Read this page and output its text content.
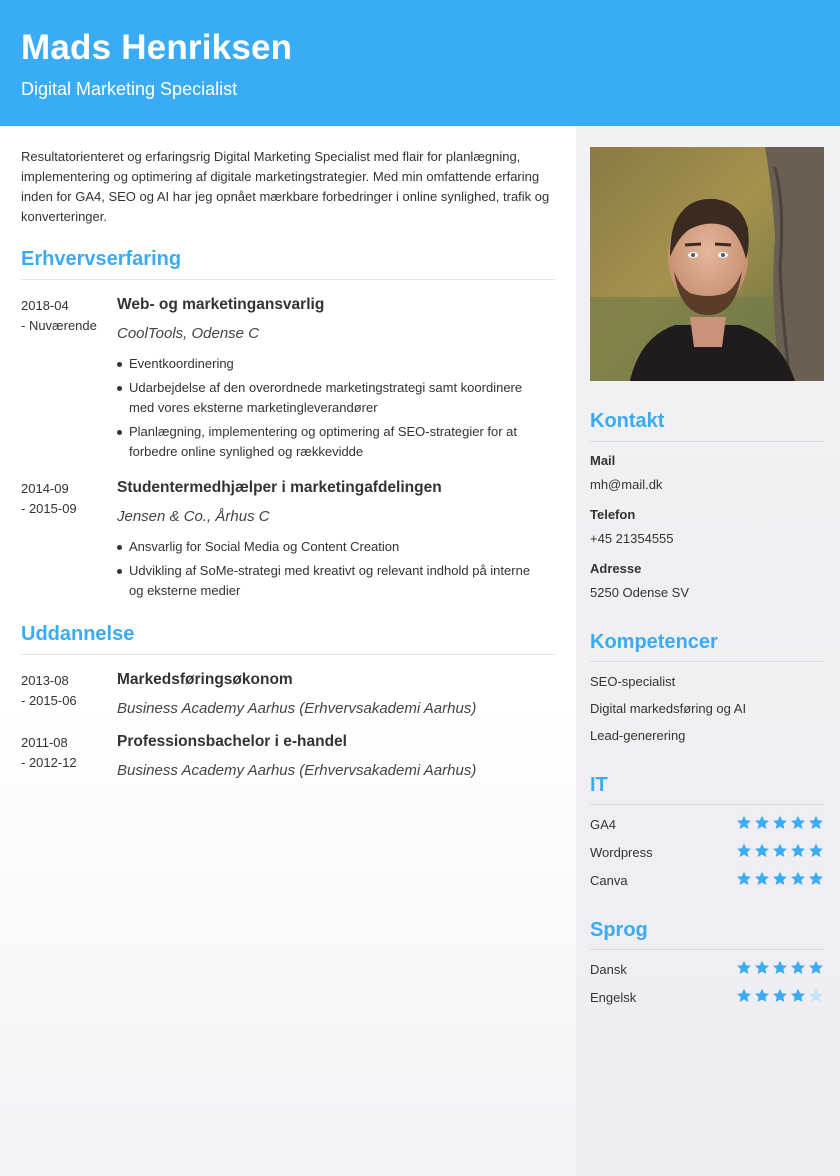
Mads Henriksen
Digital Marketing Specialist
Kontakt
Mail
mh@mail.dk
Telefon
+45 21354555
Adresse
5250 Odense SV
Kompetencer
SEO-specialist
Digital markedsføring og AI
Lead-generering
IT
GA4
Wordpress
Canva
Sprog
Dansk
Engelsk
Resultatorienteret og erfaringsrig Digital Marketing Specialist med flair for planlægning, implementering og optimering af digitale marketingstrategier. Med min omfattende erfaring inden for GA4, SEO og AI har jeg opnået mærkbare forbedringer i online synlighed, trafik og konverteringer.
Erhvervserfaring
2018-04
- Nuværende
Web- og marketingansvarlig
CoolTools, Odense C
Eventkoordinering
Udarbejdelse af den overordnede marketingstrategi samt koordinere med vores eksterne marketingleverandører
Planlægning, implementering og optimering af SEO-strategier for at forbedre online synlighed og rækkevidde
2014-09
- 2015-09
Studentermedhjælper i marketingafdelingen
Jensen & Co., Århus C
Ansvarlig for Social Media og Content Creation
Udvikling af SoMe-strategi med kreativt og relevant indhold på interne og eksterne medier
Uddannelse
2013-08
- 2015-06
Markedsføringsøkonom
Business Academy Aarhus (Erhvervsakademi Aarhus)
2011-08
- 2012-12
Professionsbachelor i e-handel
Business Academy Aarhus (Erhvervsakademi Aarhus)
